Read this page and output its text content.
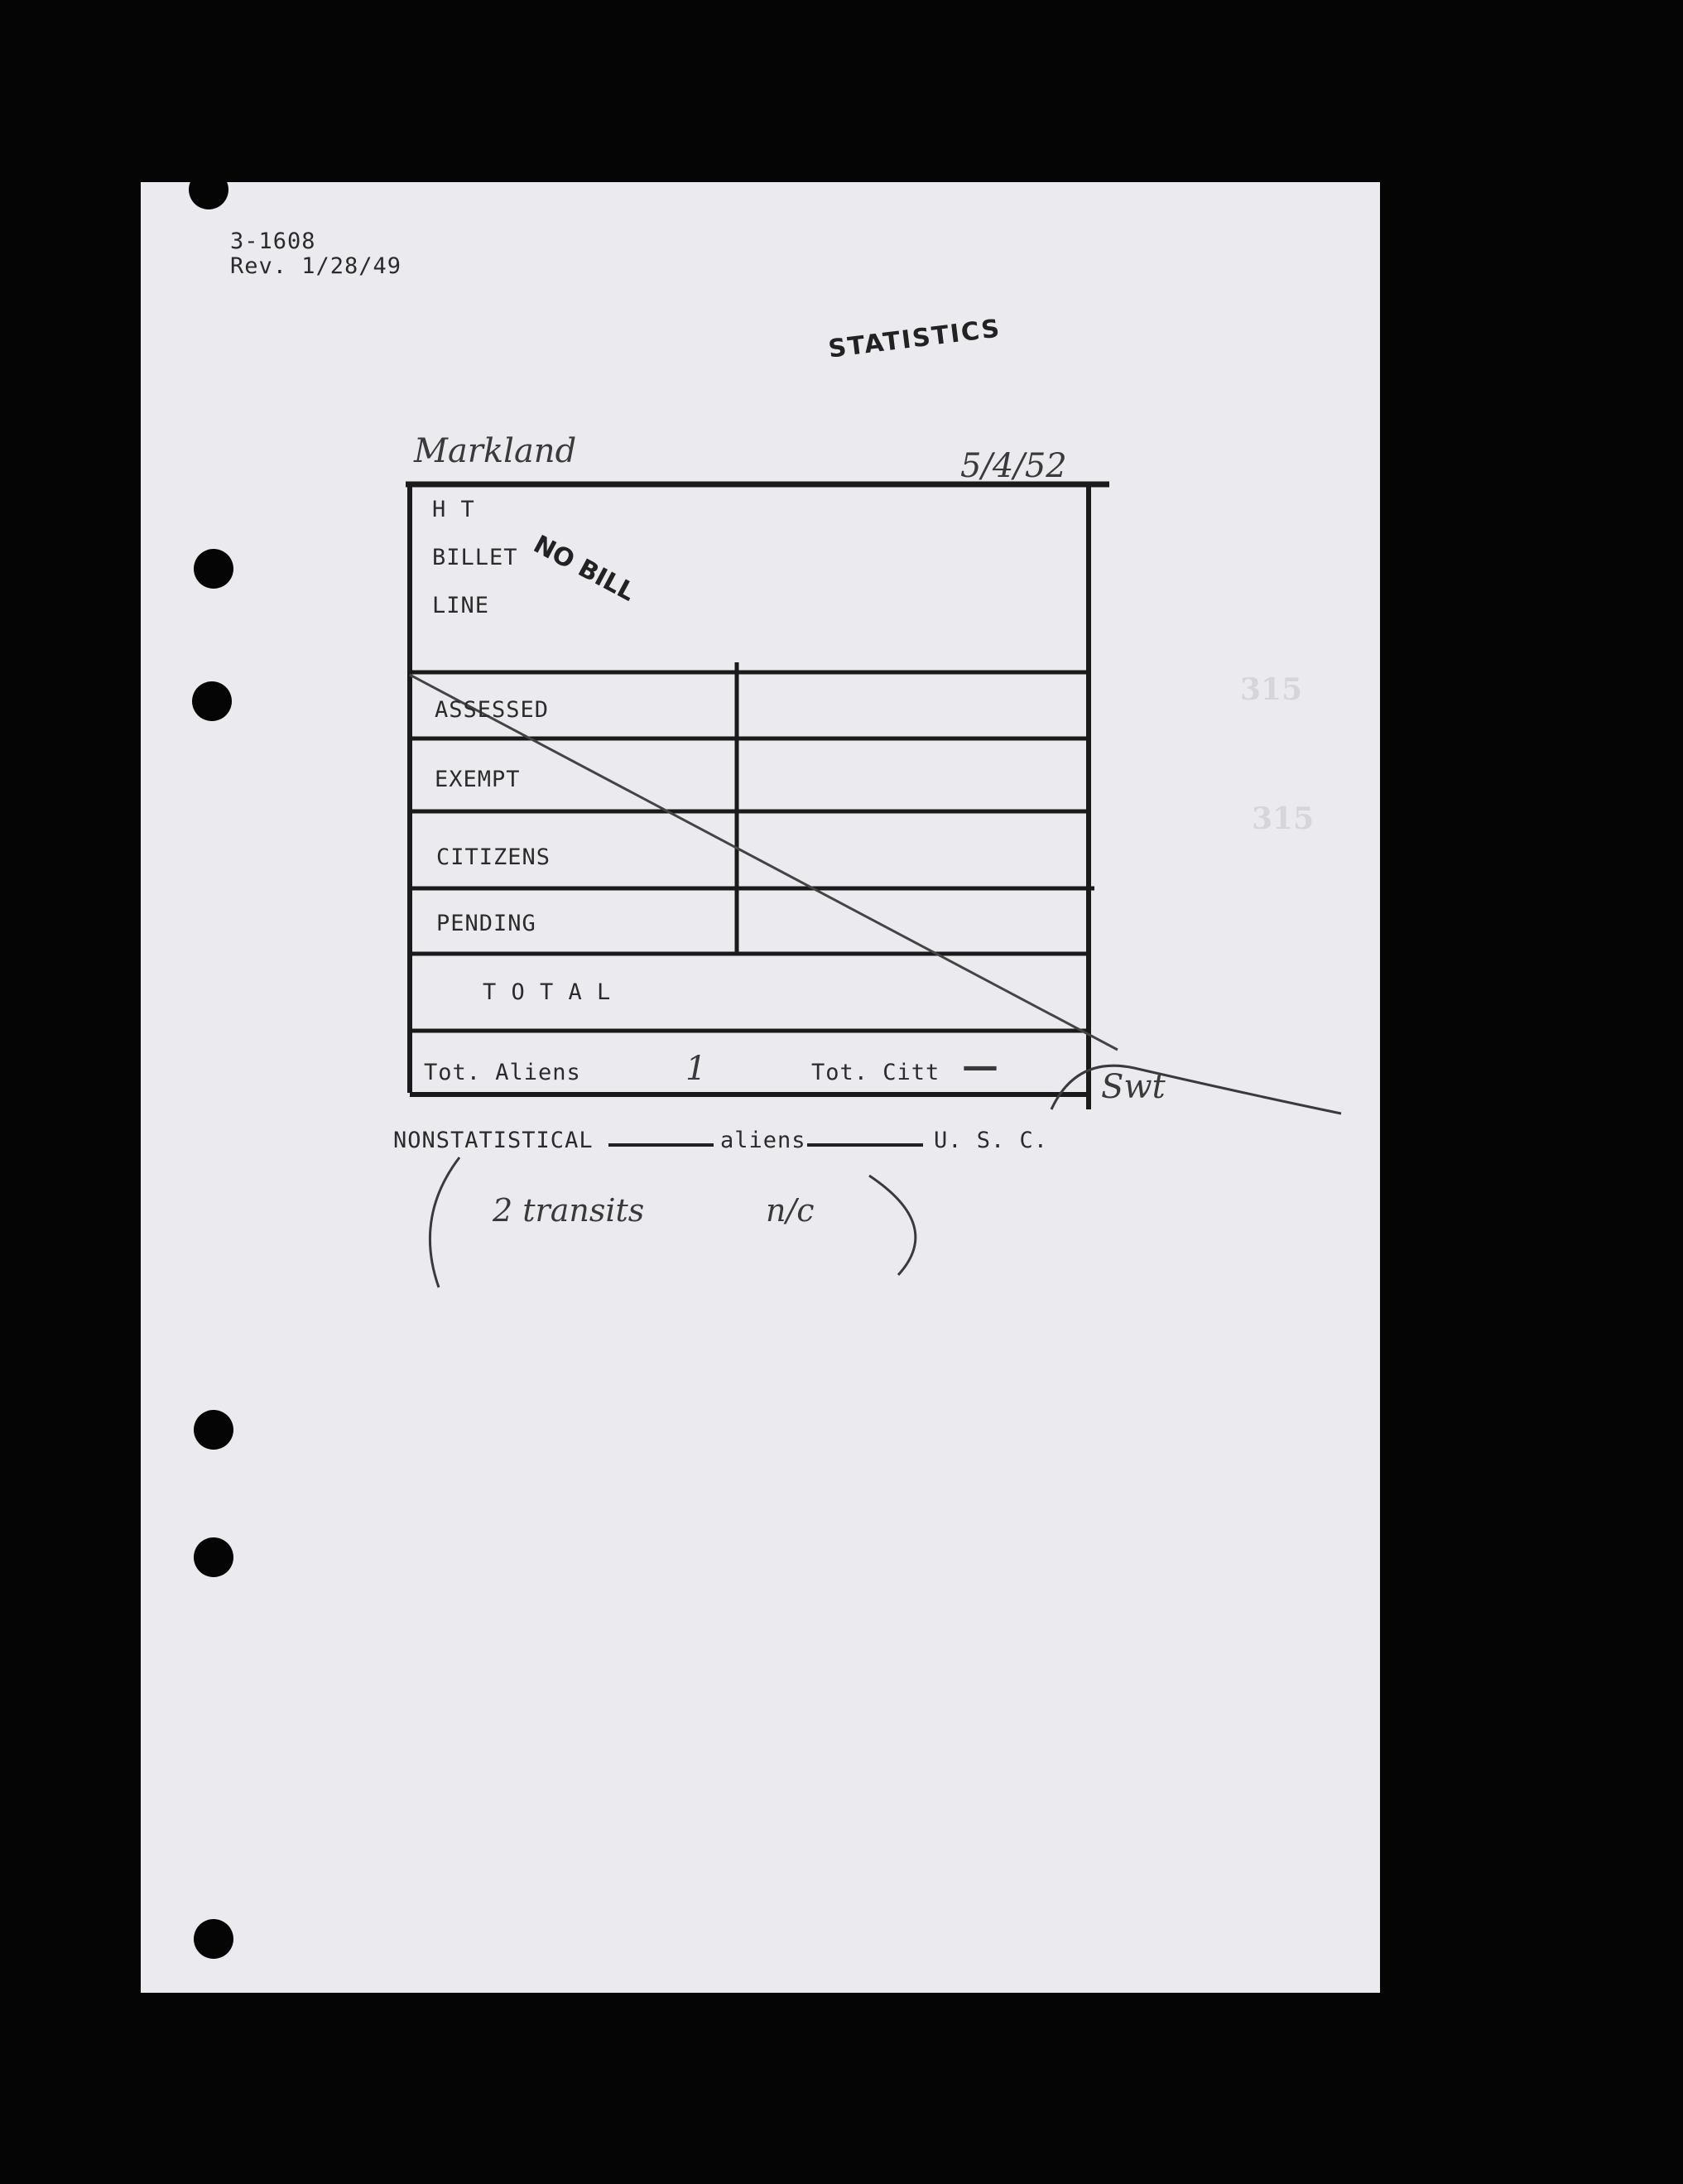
3-1608
Rev. 1/28/49
STATISTICS
Markland	5/4/52
H T
BILLET
LINE NO BILL
ASSESSED
EXEMPT
CITIZENS
PENDING
T O T A L
Tot. Aliens	1	Tot. Citt —	Swt
NONSTATISTICAL	aliens	U. S. C.
2 transits	n/c
315
315
